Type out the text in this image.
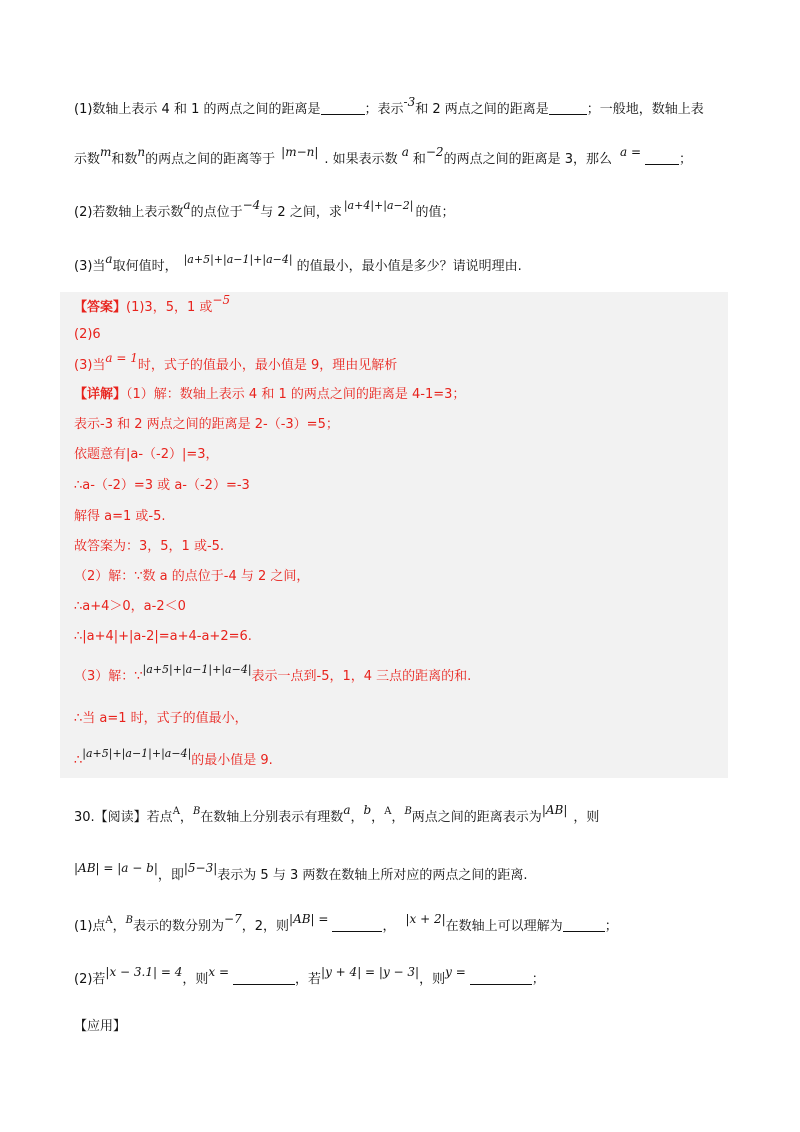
(1)数轴上表示 4 和 1 的两点之间的距离是	；表示-3和 2 两点之间的距离是	；一般地，数轴上表
示数m和数n的两点之间的距离等于 |m−n| . 如果表示数 a 和−2的两点之间的距离是 3，那么 a =	；
(2)若数轴上表示数a的点位于−4与 2 之间，求 $^{|a+4|+|a-2|}$ 的值；
(3)当a取何值时， $^{|a+5|+|a-1|+|a-4|}$ 的值最小，最小值是多少？请说明理由.
【答案】(1)3，5，1 或−5
(2)6
(3)当a = 1时，式子的值最小，最小值是 9，理由见解析
【详解】（1）解：数轴上表示 4 和 1 的两点之间的距离是 4-1=3；
表示-3 和 2 两点之间的距离是 2-（-3）=5；
依题意有|a-（-2）|=3，
∴a-（-2）=3 或 a-（-2）=-3
解得 a=1 或-5.
故答案为：3，5，1 或-5.
（2）解：∵数 a 的点位于-4 与 2 之间，
∴a+4＞0，a-2＜0
∴|a+4|+|a-2|=a+4-a+2=6.
（3）解：∵$^{|a+5|+|a-1|+|a-4|}$表示一点到-5，1，4 三点的距离的和.
∴当 a=1 时，式子的值最小，
∴$^{|a+5|+|a-1|+|a-4|}$的最小值是 9.
30.【阅读】若点$^A$，$^B$在数轴上分别表示有理数a，b，$^A$，$^B$两点之间的距离表示为|AB| ，则
|AB| = |a − b|，即|5−3|表示为 5 与 3 两数在数轴上所对应的两点之间的距离.
(1)点$^A$，$^B$表示的数分别为−7，2，则|AB| =	， |x + 2|在数轴上可以理解为	；
(2)若|x − 3.1| = 4，则x =	，若|y + 4| = |y − 3|，则y =	；
【应用】
